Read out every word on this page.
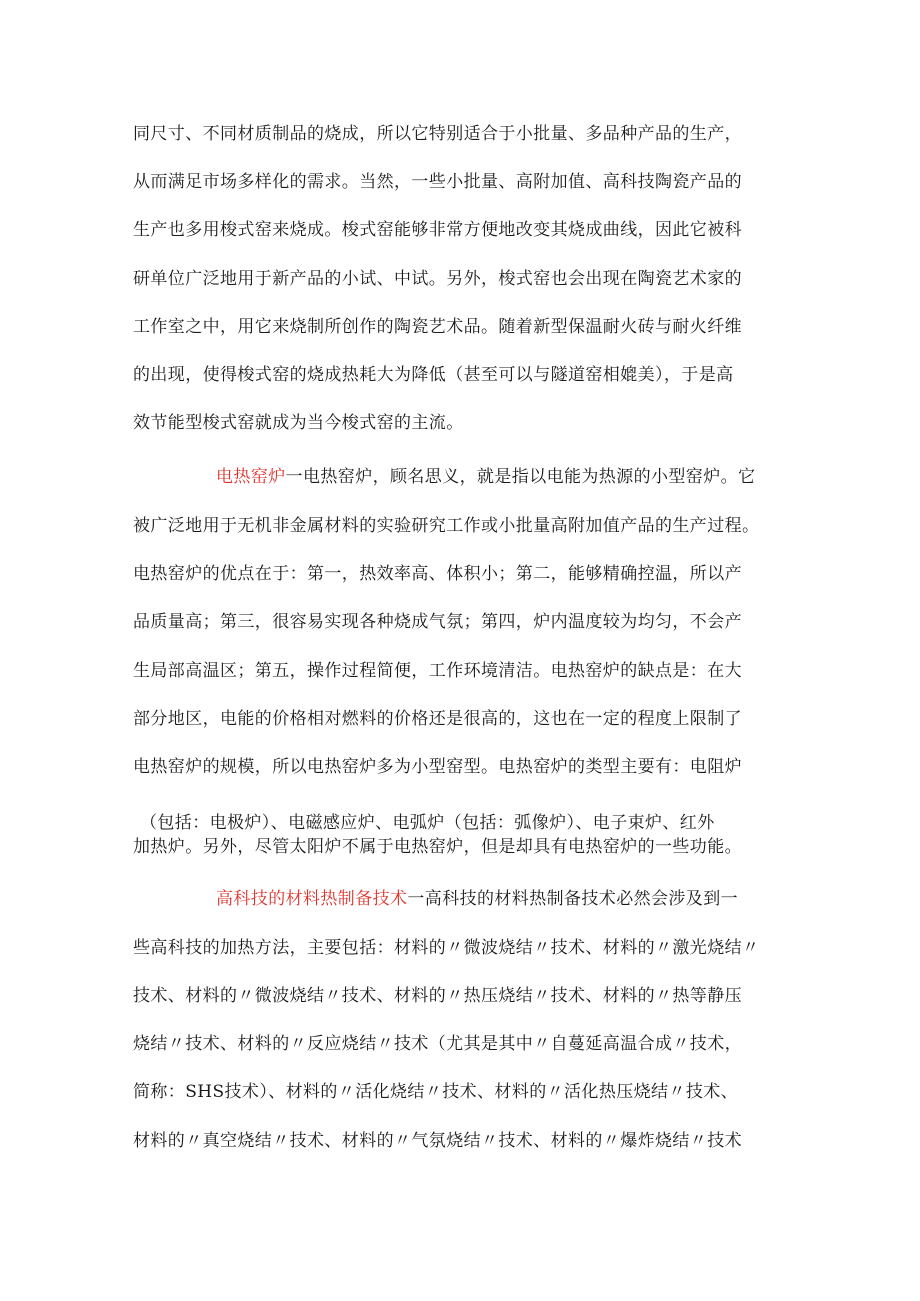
同尺寸、不同材质制品的烧成，所以它特别适合于小批量、多品种产品的生产，
从而满足市场多样化的需求。当然，一些小批量、高附加值、高科技陶瓷产品的
生产也多用梭式窑来烧成。梭式窑能够非常方便地改变其烧成曲线，因此它被科
研单位广泛地用于新产品的小试、中试。另外，梭式窑也会出现在陶瓷艺术家的
工作室之中，用它来烧制所创作的陶瓷艺术品。随着新型保温耐火砖与耐火纤维
的出现，使得梭式窑的烧成热耗大为降低（甚至可以与隧道窑相媲美），于是高
效节能型梭式窑就成为当今梭式窑的主流。
电热窑炉一电热窑炉，顾名思义，就是指以电能为热源的小型窑炉。它
被广泛地用于无机非金属材料的实验研究工作或小批量高附加值产品的生产过程。
电热窑炉的优点在于：第一，热效率高、体积小；第二，能够精确控温，所以产
品质量高；第三，很容易实现各种烧成气氛；第四，炉内温度较为均匀，不会产
生局部高温区；第五，操作过程简便，工作环境清洁。电热窑炉的缺点是：在大
部分地区，电能的价格相对燃料的价格还是很高的，这也在一定的程度上限制了
电热窑炉的规模，所以电热窑炉多为小型窑型。电热窑炉的类型主要有：电阻炉
（包括：电极炉）、电磁感应炉、电弧炉（包括：弧像炉）、电子束炉、红外
加热炉。另外，尽管太阳炉不属于电热窑炉，但是却具有电热窑炉的一些功能。
高科技的材料热制备技术一高科技的材料热制备技术必然会涉及到一
些高科技的加热方法，主要包括：材料的〃微波烧结〃技术、材料的〃激光烧结〃
技术、材料的〃微波烧结〃技术、材料的〃热压烧结〃技术、材料的〃热等静压
烧结〃技术、材料的〃反应烧结〃技术（尤其是其中〃自蔓延高温合成〃技术，
简称：SHS技术）、材料的〃活化烧结〃技术、材料的〃活化热压烧结〃技术、
材料的〃真空烧结〃技术、材料的〃气氛烧结〃技术、材料的〃爆炸烧结〃技术
